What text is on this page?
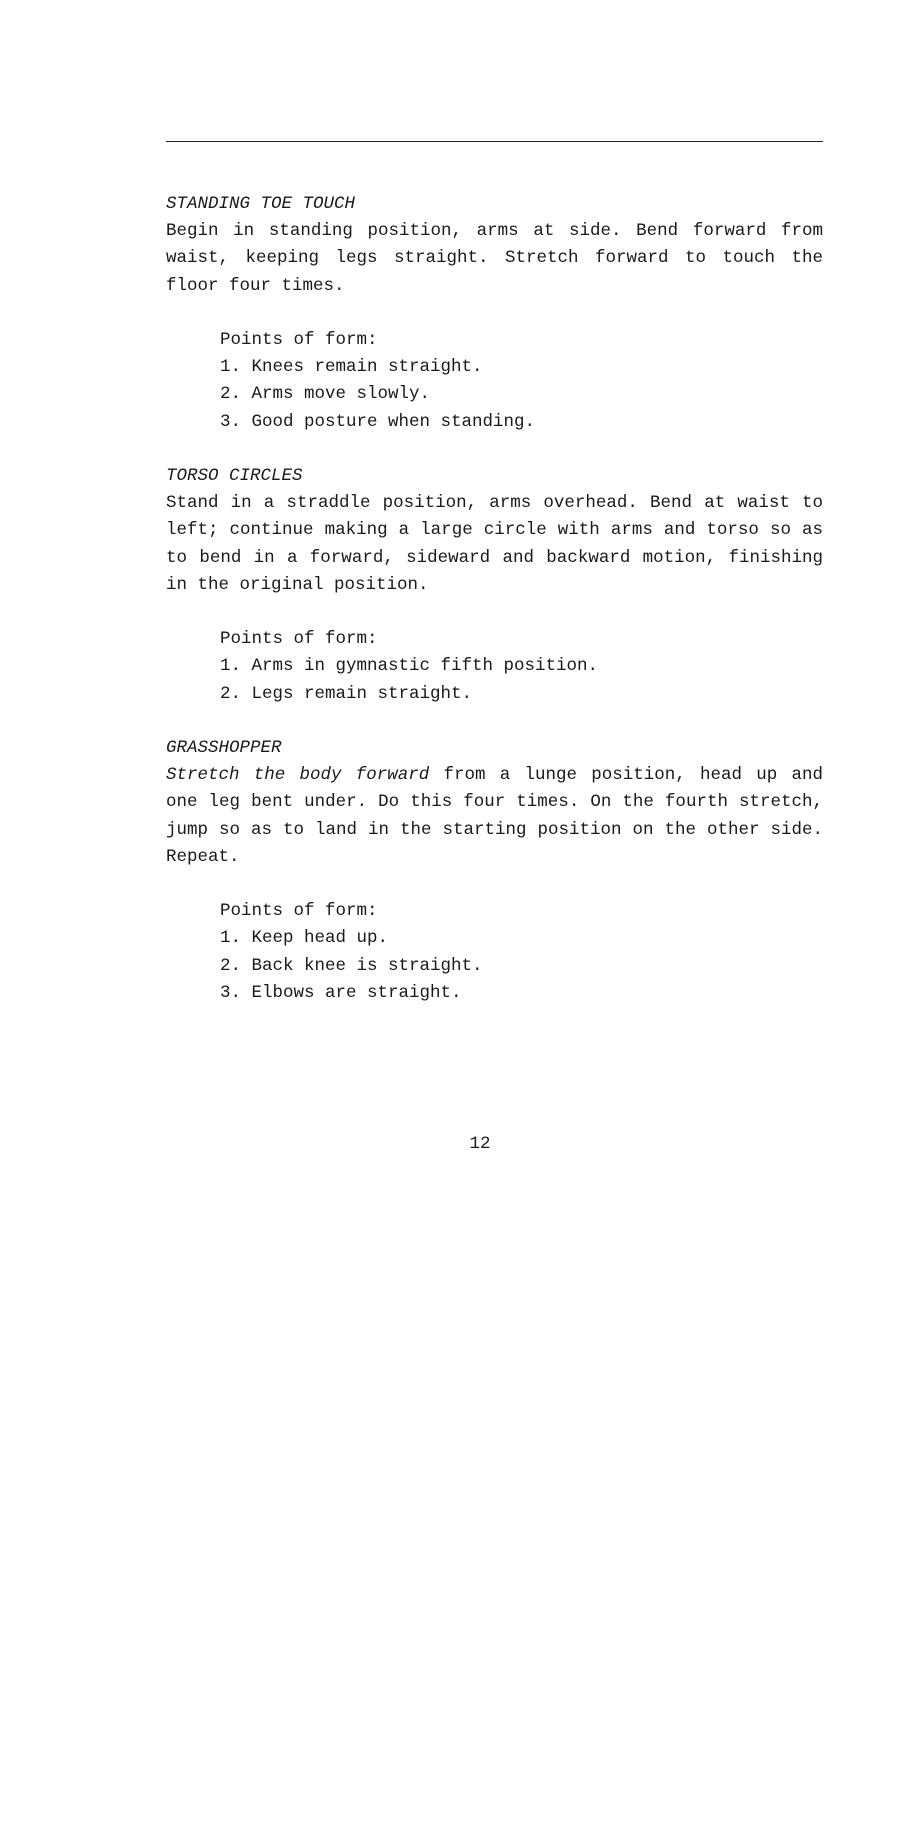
STANDING TOE TOUCH

Begin in standing position, arms at side. Bend forward from waist, keeping legs straight. Stretch forward to touch the floor four times.

Points of form:

1. Knees remain straight.

2. Arms move slowly.

3. Good posture when standing.

TORSO CIRCLES

Stand in a straddle position, arms overhead. Bend at waist to left; continue making a large circle with arms and torso so as to bend in a forward, sideward and backward motion, finishing in the original position.

Points of form:

1. Arms in gymnastic fifth position.

2. Legs remain straight.

GRASSHOPPER

Stretch the body forward from a lunge position, head up and one leg bent under. Do this four times. On the fourth stretch, jump so as to land in the starting position on the other side. Repeat.

Points of form:

1. Keep head up.

2. Back knee is straight.

3. Elbows are straight.

12
